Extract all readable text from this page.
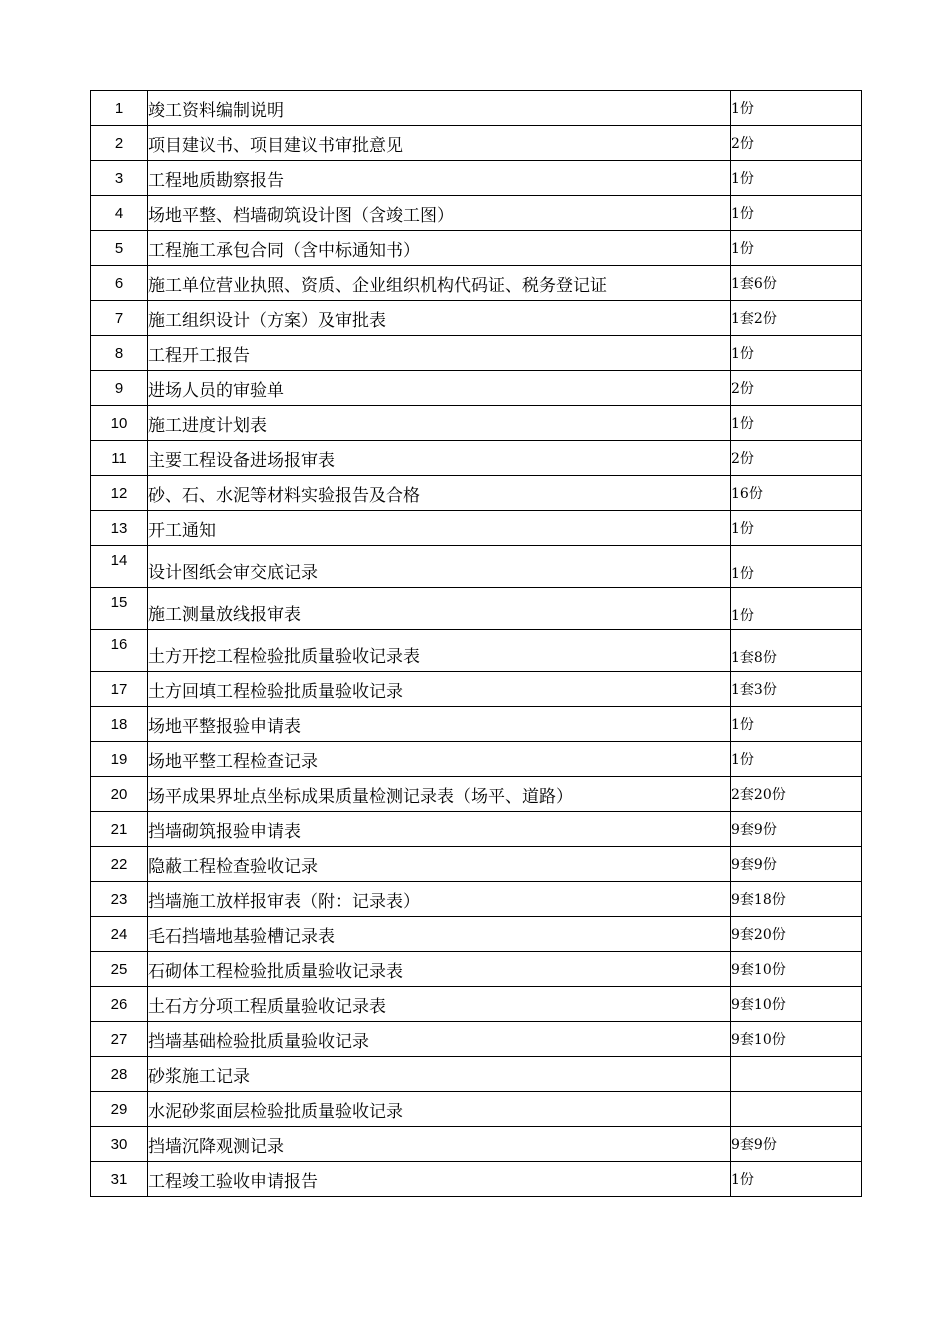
1	竣工资料编制说明	1份
2	项目建议书、项目建议书审批意见	2份
3	工程地质勘察报告	1份
4	场地平整、档墙砌筑设计图（含竣工图）	1份
5	工程施工承包合同（含中标通知书）	1份
6	施工单位营业执照、资质、企业组织机构代码证、税务登记证	1套6份
7	施工组织设计（方案）及审批表	1套2份
8	工程开工报告	1份
9	进场人员的审验单	2份
10	施工进度计划表	1份
11	主要工程设备进场报审表	2份
12	砂、石、水泥等材料实验报告及合格	16份
13	开工通知	1份
14	设计图纸会审交底记录	1份
15	施工测量放线报审表	1份
16	土方开挖工程检验批质量验收记录表	1套8份
17	土方回填工程检验批质量验收记录	1套3份
18	场地平整报验申请表	1份
19	场地平整工程检查记录	1份
20	场平成果界址点坐标成果质量检测记录表（场平、道路）	2套20份
21	挡墙砌筑报验申请表	9套9份
22	隐蔽工程检查验收记录	9套9份
23	挡墙施工放样报审表（附：记录表）	9套18份
24	毛石挡墙地基验槽记录表	9套20份
25	石砌体工程检验批质量验收记录表	9套10份
26	土石方分项工程质量验收记录表	9套10份
27	挡墙基础检验批质量验收记录	9套10份
28	砂浆施工记录	
29	水泥砂浆面层检验批质量验收记录	
30	挡墙沉降观测记录	9套9份
31	工程竣工验收申请报告	1份
